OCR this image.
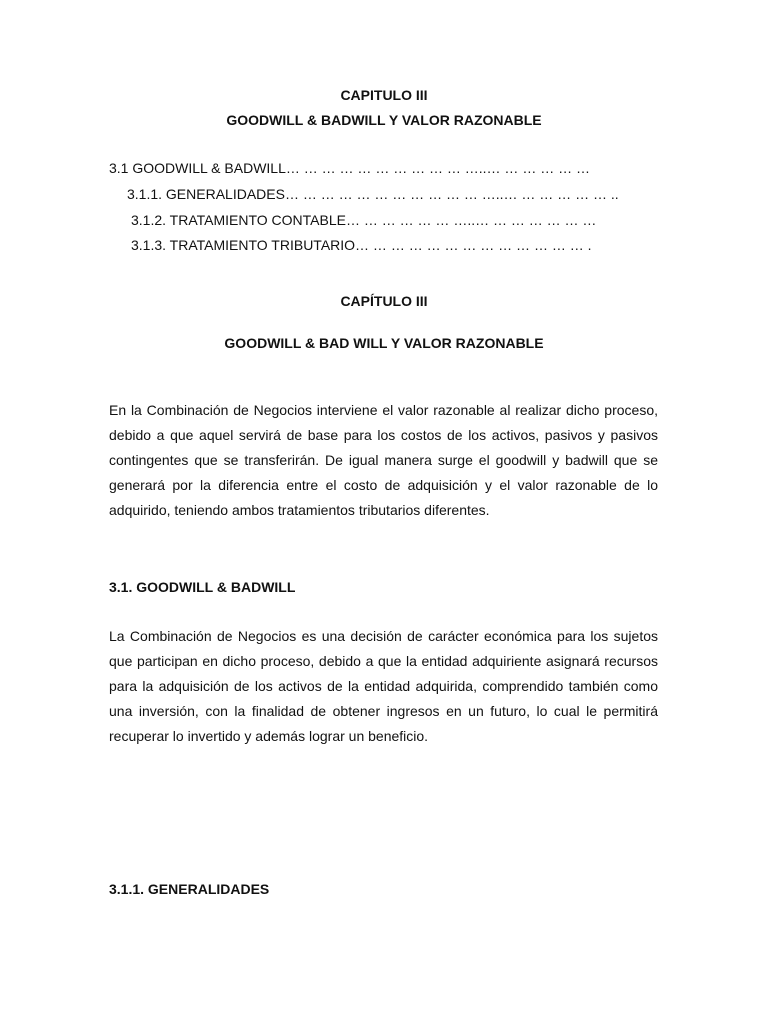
CAPITULO III

GOODWILL & BADWILL Y VALOR RAZONABLE

3.1 GOODWILL & BADWILL… … … … … … … … … … …..… … … … … …

3.1.1. GENERALIDADES… … … … … … … … … … … …..… … … … … … ..

3.1.2. TRATAMIENTO CONTABLE… … … … … … …..… … … … … … …

3.1.3. TRATAMIENTO TRIBUTARIO… … … … … … … … … … … … … .

CAPÍTULO III

GOODWILL & BAD WILL Y VALOR RAZONABLE

En la Combinación de Negocios interviene el valor razonable al realizar dicho proceso, debido a que aquel servirá de base para los costos de los activos, pasivos y pasivos contingentes que se transferirán. De igual manera surge el goodwill y badwill que se generará por la diferencia entre el costo de adquisición y el valor razonable de lo adquirido, teniendo ambos tratamientos tributarios diferentes.

3.1. GOODWILL & BADWILL

La Combinación de Negocios es una decisión de carácter económica para los sujetos que participan en dicho proceso, debido a que la entidad adquiriente asignará recursos para la adquisición de los activos de la entidad adquirida, comprendido también como una inversión, con la finalidad de obtener ingresos en un futuro, lo cual le permitirá recuperar lo invertido y además lograr un beneficio.

3.1.1. GENERALIDADES
